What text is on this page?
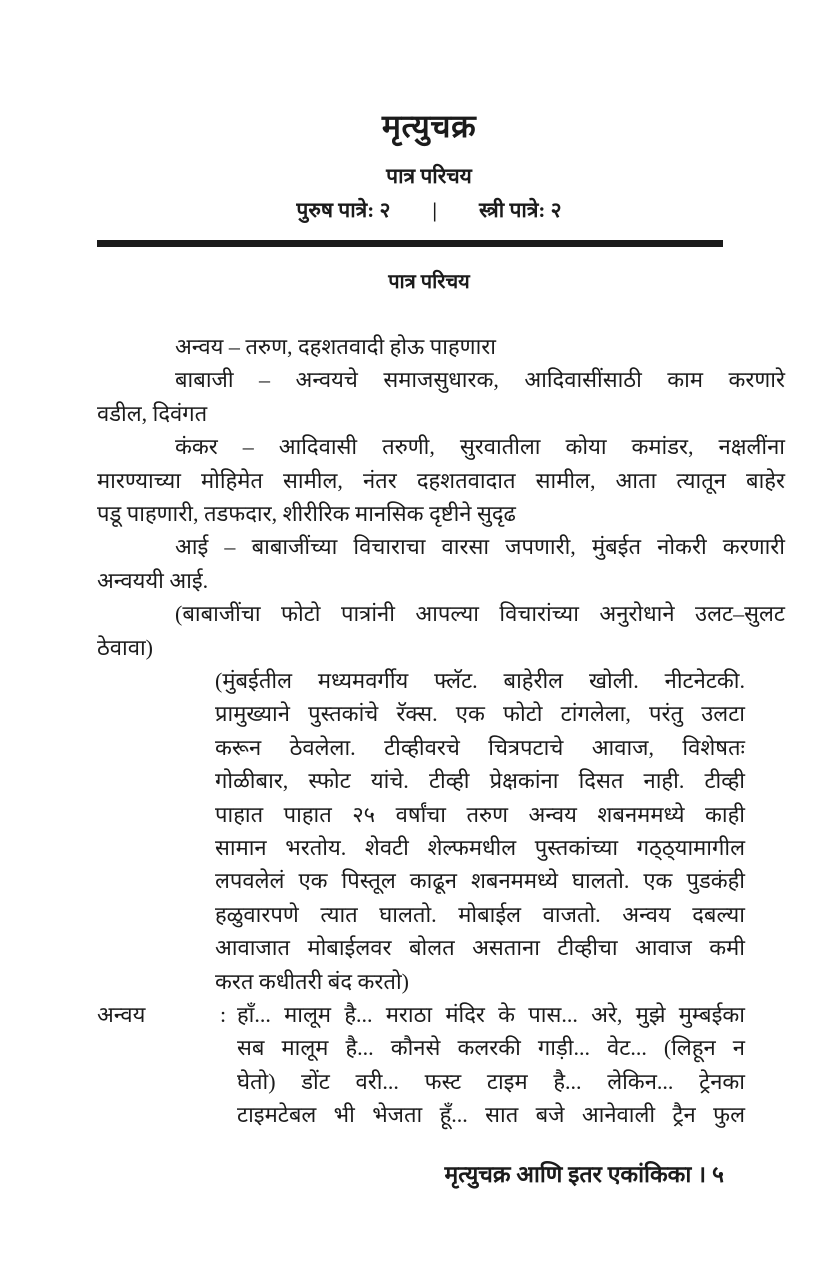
मृत्युचक्र
पात्र परिचय
पुरुष पात्रे: २ | स्त्री पात्रे: २
पात्र परिचय
अन्वय – तरुण, दहशतवादी होऊ पाहणारा
बाबाजी – अन्वयचे समाजसुधारक, आदिवासींसाठी काम करणारे
वडील, दिवंगत
कंकर – आदिवासी तरुणी, सुरवातीला कोया कमांडर, नक्षलींना
मारण्याच्या मोहिमेत सामील, नंतर दहशतवादात सामील, आता त्यातून बाहेर
पडू पाहणारी, तडफदार, शीरीरिक मानसिक दृष्टीने सुदृढ
आई – बाबाजींच्या विचाराचा वारसा जपणारी, मुंबईत नोकरी करणारी
अन्वययी आई.
(बाबाजींचा फोटो पात्रांनी आपल्या विचारांच्या अनुरोधाने उलट–सुलट
ठेवावा)
(मुंबईतील मध्यमवर्गीय फ्लॅट. बाहेरील खोली. नीटनेटकी.
प्रामुख्याने पुस्तकांचे रॅक्स. एक फोटो टांगलेला, परंतु उलटा
करून ठेवलेला. टीव्हीवरचे चित्रपटाचे आवाज, विशेषतः
गोळीबार, स्फोट यांचे. टीव्ही प्रेक्षकांना दिसत नाही. टीव्ही
पाहात पाहात २५ वर्षांचा तरुण अन्वय शबनममध्ये काही
सामान भरतोय. शेवटी शेल्फमधील पुस्तकांच्या गठ्ठ्यामागील
लपवलेलं एक पिस्तूल काढून शबनममध्ये घालतो. एक पुडकंही
हळुवारपणे त्यात घालतो. मोबाईल वाजतो. अन्वय दबल्या
आवाजात मोबाईलवर बोलत असताना टीव्हीचा आवाज कमी
करत कधीतरी बंद करतो)
अन्वय	: हाँ... मालूम है... मराठा मंदिर के पास... अरे, मुझे मुम्बईका
सब मालूम है... कौनसे कलरकी गाड़ी... वेट... (लिहून न
घेतो) डोंट वरी... फस्ट टाइम है... लेकिन... ट्रेनका
टाइमटेबल भी भेजता हूँ... सात बजे आनेवाली ट्रैन फुल
मृत्युचक्र आणि इतर एकांकिका । ५
